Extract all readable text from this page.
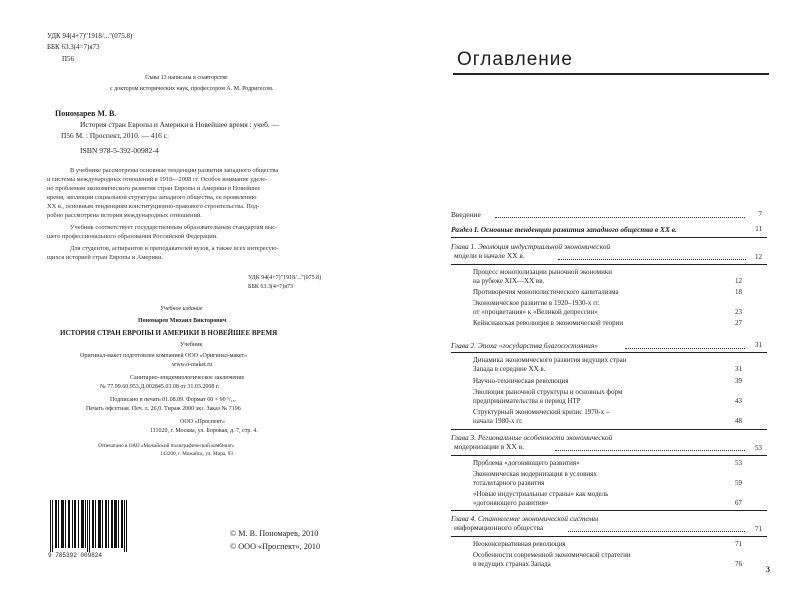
УДК 94(4+7)"1918/..."(075.8)
ББК 63.3(4=7)я73
П56
Глава 13 написана в соавторстве
с доктором исторических наук, профессором А. М. Родригесом.
Пономарев М. В.
История стран Европы и Америки в Новейшее время : учеб. —
П56 М. : Проспект, 2010. — 416 с.
ISBN 978-5-392-00982-4
В учебнике рассмотрены основные тенденции развития западного общества
и системы международных отношений в 1918—2008 гг. Особое внимание уделе-
но проблемам экономического развития стран Европы и Америки в Новейшее
время, эволюции социальной структуры западного общества, ее проявлению
XX в., основным тенденциям конституционно-правового строительства. Под-
робно рассмотрена история международных отношений.
Учебник соответствует государственным образовательным стандартам выс-
шего профессионального образования Российской Федерации.
Для студентов, аспирантов и преподавателей вузов, а также всех интересую-
щихся историей стран Европы и Америки.
УДК 94(4+7)"1918/..."(075.8)
ББК 63.3(4=7)я73
Учебное издание
Пономарев Михаил Викторович
ИСТОРИЯ СТРАН ЕВРОПЫ И АМЕРИКИ В НОВЕЙШЕЕ ВРЕМЯ
Учебник
Оригинал-макет подготовлен компанией ООО «Оригинал-макет»
www.o-maket.ru
Санитарно-эпидемиологическое заключение
№ 77.99.60.953.Д.002845.03.08 от 31.03.2008 г.
Подписано в печать 01.08.09. Формат 60 × 90 ¹/₁₆.
Печать офсетная. Печ. л. 26,0. Тираж 2000 экз. Заказ № 7196
ООО «Проспект»
111020, г. Москва, ул. Боровая, д. 7, стр. 4.
Отпечатано в ОАО «Можайский полиграфический комбинат»
143200, г. Можайск, ул. Мира, 93
9 785392 009824
© М. В. Пономарев, 2010
© ООО «Проспект», 2010
Оглавление
Введение	7
Раздел I. Основные тенденции развития западного общества в XX в.	11
Глава 1. Эволюция индустриальной экономической
модели в начале XX в.	12
Процесс монополизации рыночной экономики
на рубеже XIX—XX вв.	12
Противоречия монополистического капитализма	18
Экономическое развитие в 1920–1930-х гг.
от «процветания» к «Великой депрессии»	23
Кейнсианская революция в экономической теории	27
Глава 2. Эпоха «государства благосостояния»	31
Динамика экономического развития ведущих стран
Запада в середине XX в.	31
Научно-техническая революция	39
Эволюция рыночной структуры и основных форм
предпринимательства в период НТР	43
Структурный экономический кризис 1970-х –
начала 1980-х гг.	48
Глава 3. Региональные особенности экономической
модернизации в XX в.	53
Проблема «догоняющего развития»	53
Экономическая модернизация в условиях
тоталитарного развития	59
«Новые индустриальные страны» как модель
«догоняющего развития»	67
Глава 4. Становление экономической системы
информационного общества	71
Неоконсервативная революция	71
Особенности современной экономической стратегии
в ведущих странах Запада	76
3
